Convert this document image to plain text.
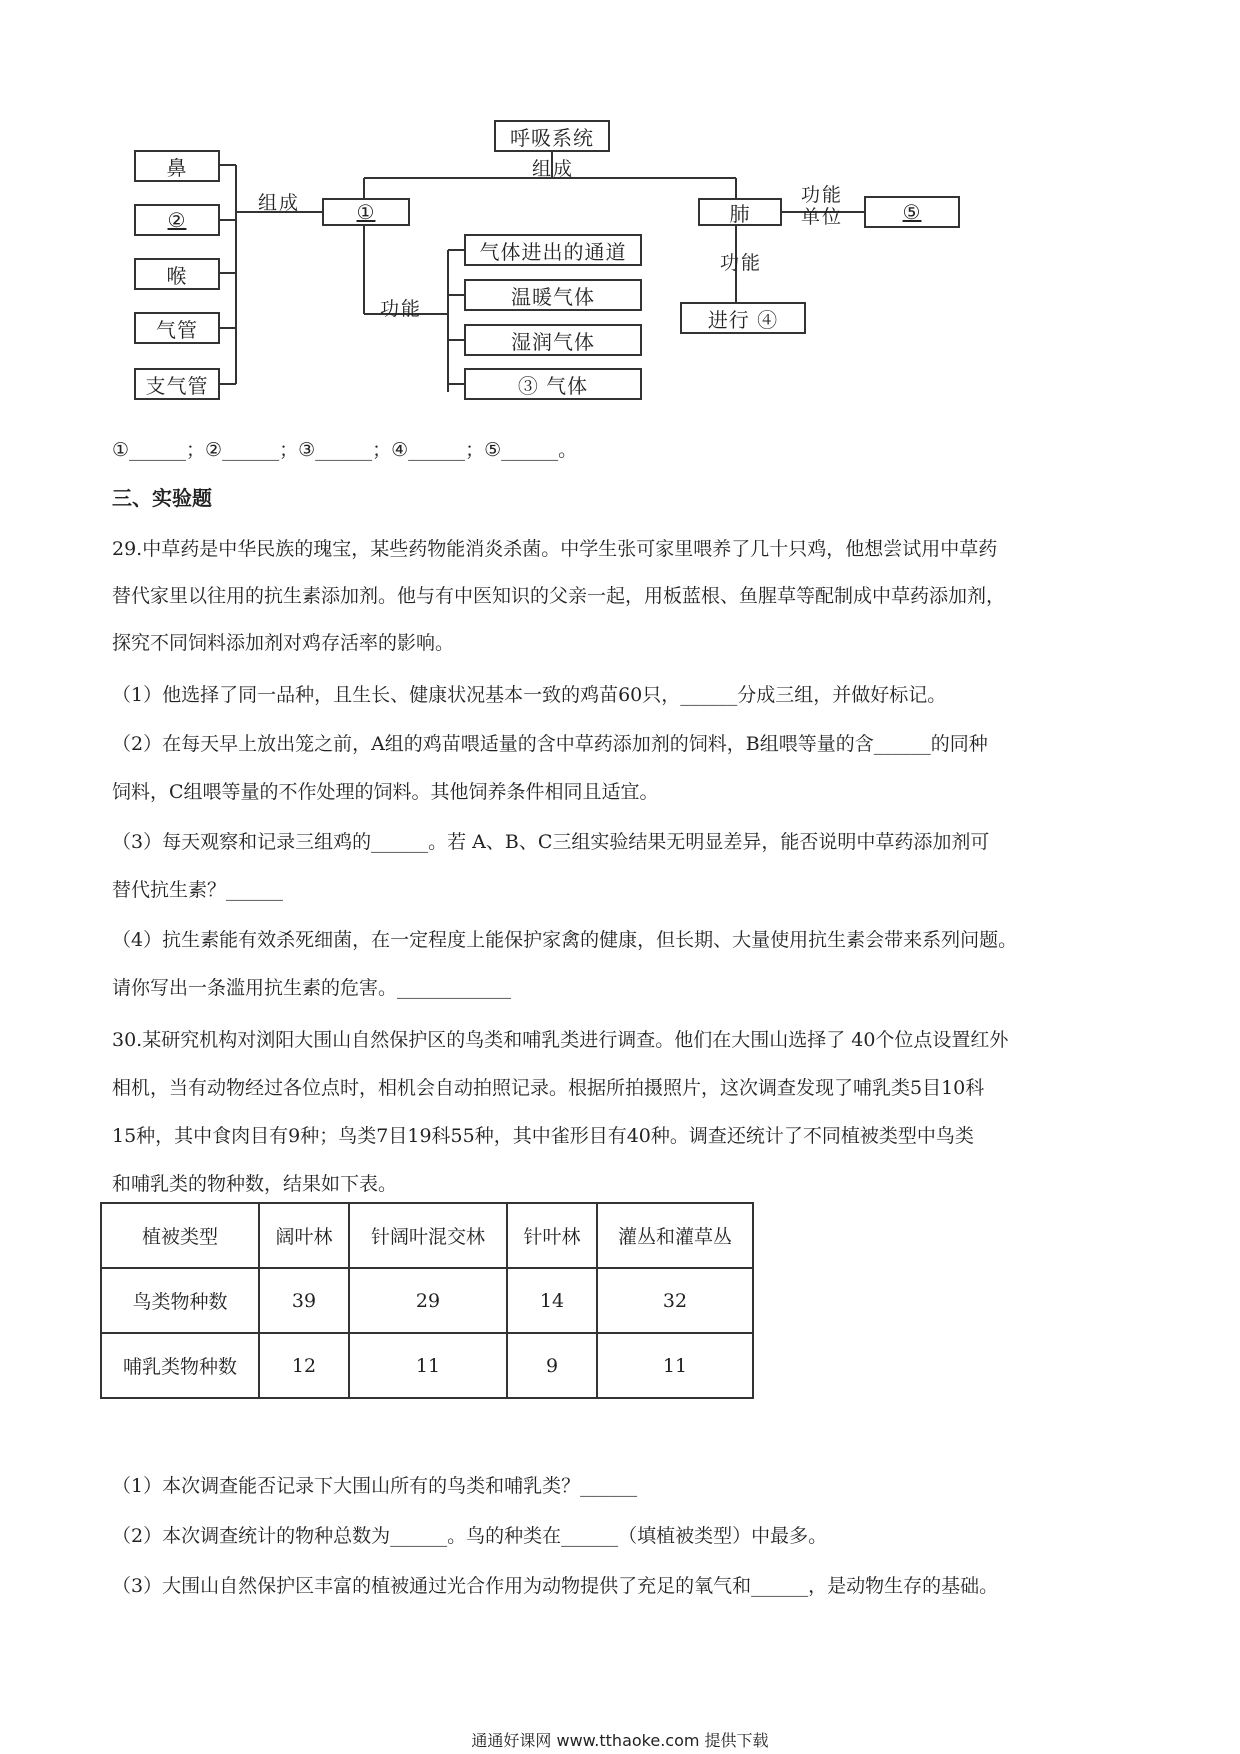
呼吸系统
组成
鼻
②
喉
气管
支气管
组成	①
功能
气体进出的通道
温暖气体
湿润气体
③ 气体
肺
功能
单位	⑤
功能
进行 ④
①______；②______；③______；④______；⑤______。
三、实验题
29.中草药是中华民族的瑰宝，某些药物能消炎杀菌。中学生张可家里喂养了几十只鸡，他想尝试用中草药
替代家里以往用的抗生素添加剂。他与有中医知识的父亲一起，用板蓝根、鱼腥草等配制成中草药添加剂，
探究不同饲料添加剂对鸡存活率的影响。
（1）他选择了同一品种，且生长、健康状况基本一致的鸡苗60只，______分成三组，并做好标记。
（2）在每天早上放出笼之前，A组的鸡苗喂适量的含中草药添加剂的饲料，B组喂等量的含______的同种
饲料，C组喂等量的不作处理的饲料。其他饲养条件相同且适宜。
（3）每天观察和记录三组鸡的______。若 A、B、C三组实验结果无明显差异，能否说明中草药添加剂可
替代抗生素？______
（4）抗生素能有效杀死细菌，在一定程度上能保护家禽的健康，但长期、大量使用抗生素会带来系列问题。
请你写出一条滥用抗生素的危害。____________
30.某研究机构对浏阳大围山自然保护区的鸟类和哺乳类进行调查。他们在大围山选择了 40个位点设置红外
相机，当有动物经过各位点时，相机会自动拍照记录。根据所拍摄照片，这次调查发现了哺乳类5目10科
15种，其中食肉目有9种；鸟类7目19科55种，其中雀形目有40种。调查还统计了不同植被类型中鸟类
和哺乳类的物种数，结果如下表。
植被类型	阔叶林	针阔叶混交林	针叶林	灌丛和灌草丛
鸟类物种数	39	29	14	32
哺乳类物种数	12	11	9	11
（1）本次调查能否记录下大围山所有的鸟类和哺乳类？______
（2）本次调查统计的物种总数为______。鸟的种类在______（填植被类型）中最多。
（3）大围山自然保护区丰富的植被通过光合作用为动物提供了充足的氧气和______，是动物生存的基础。
通通好课网 www.tthaoke.com 提供下载
